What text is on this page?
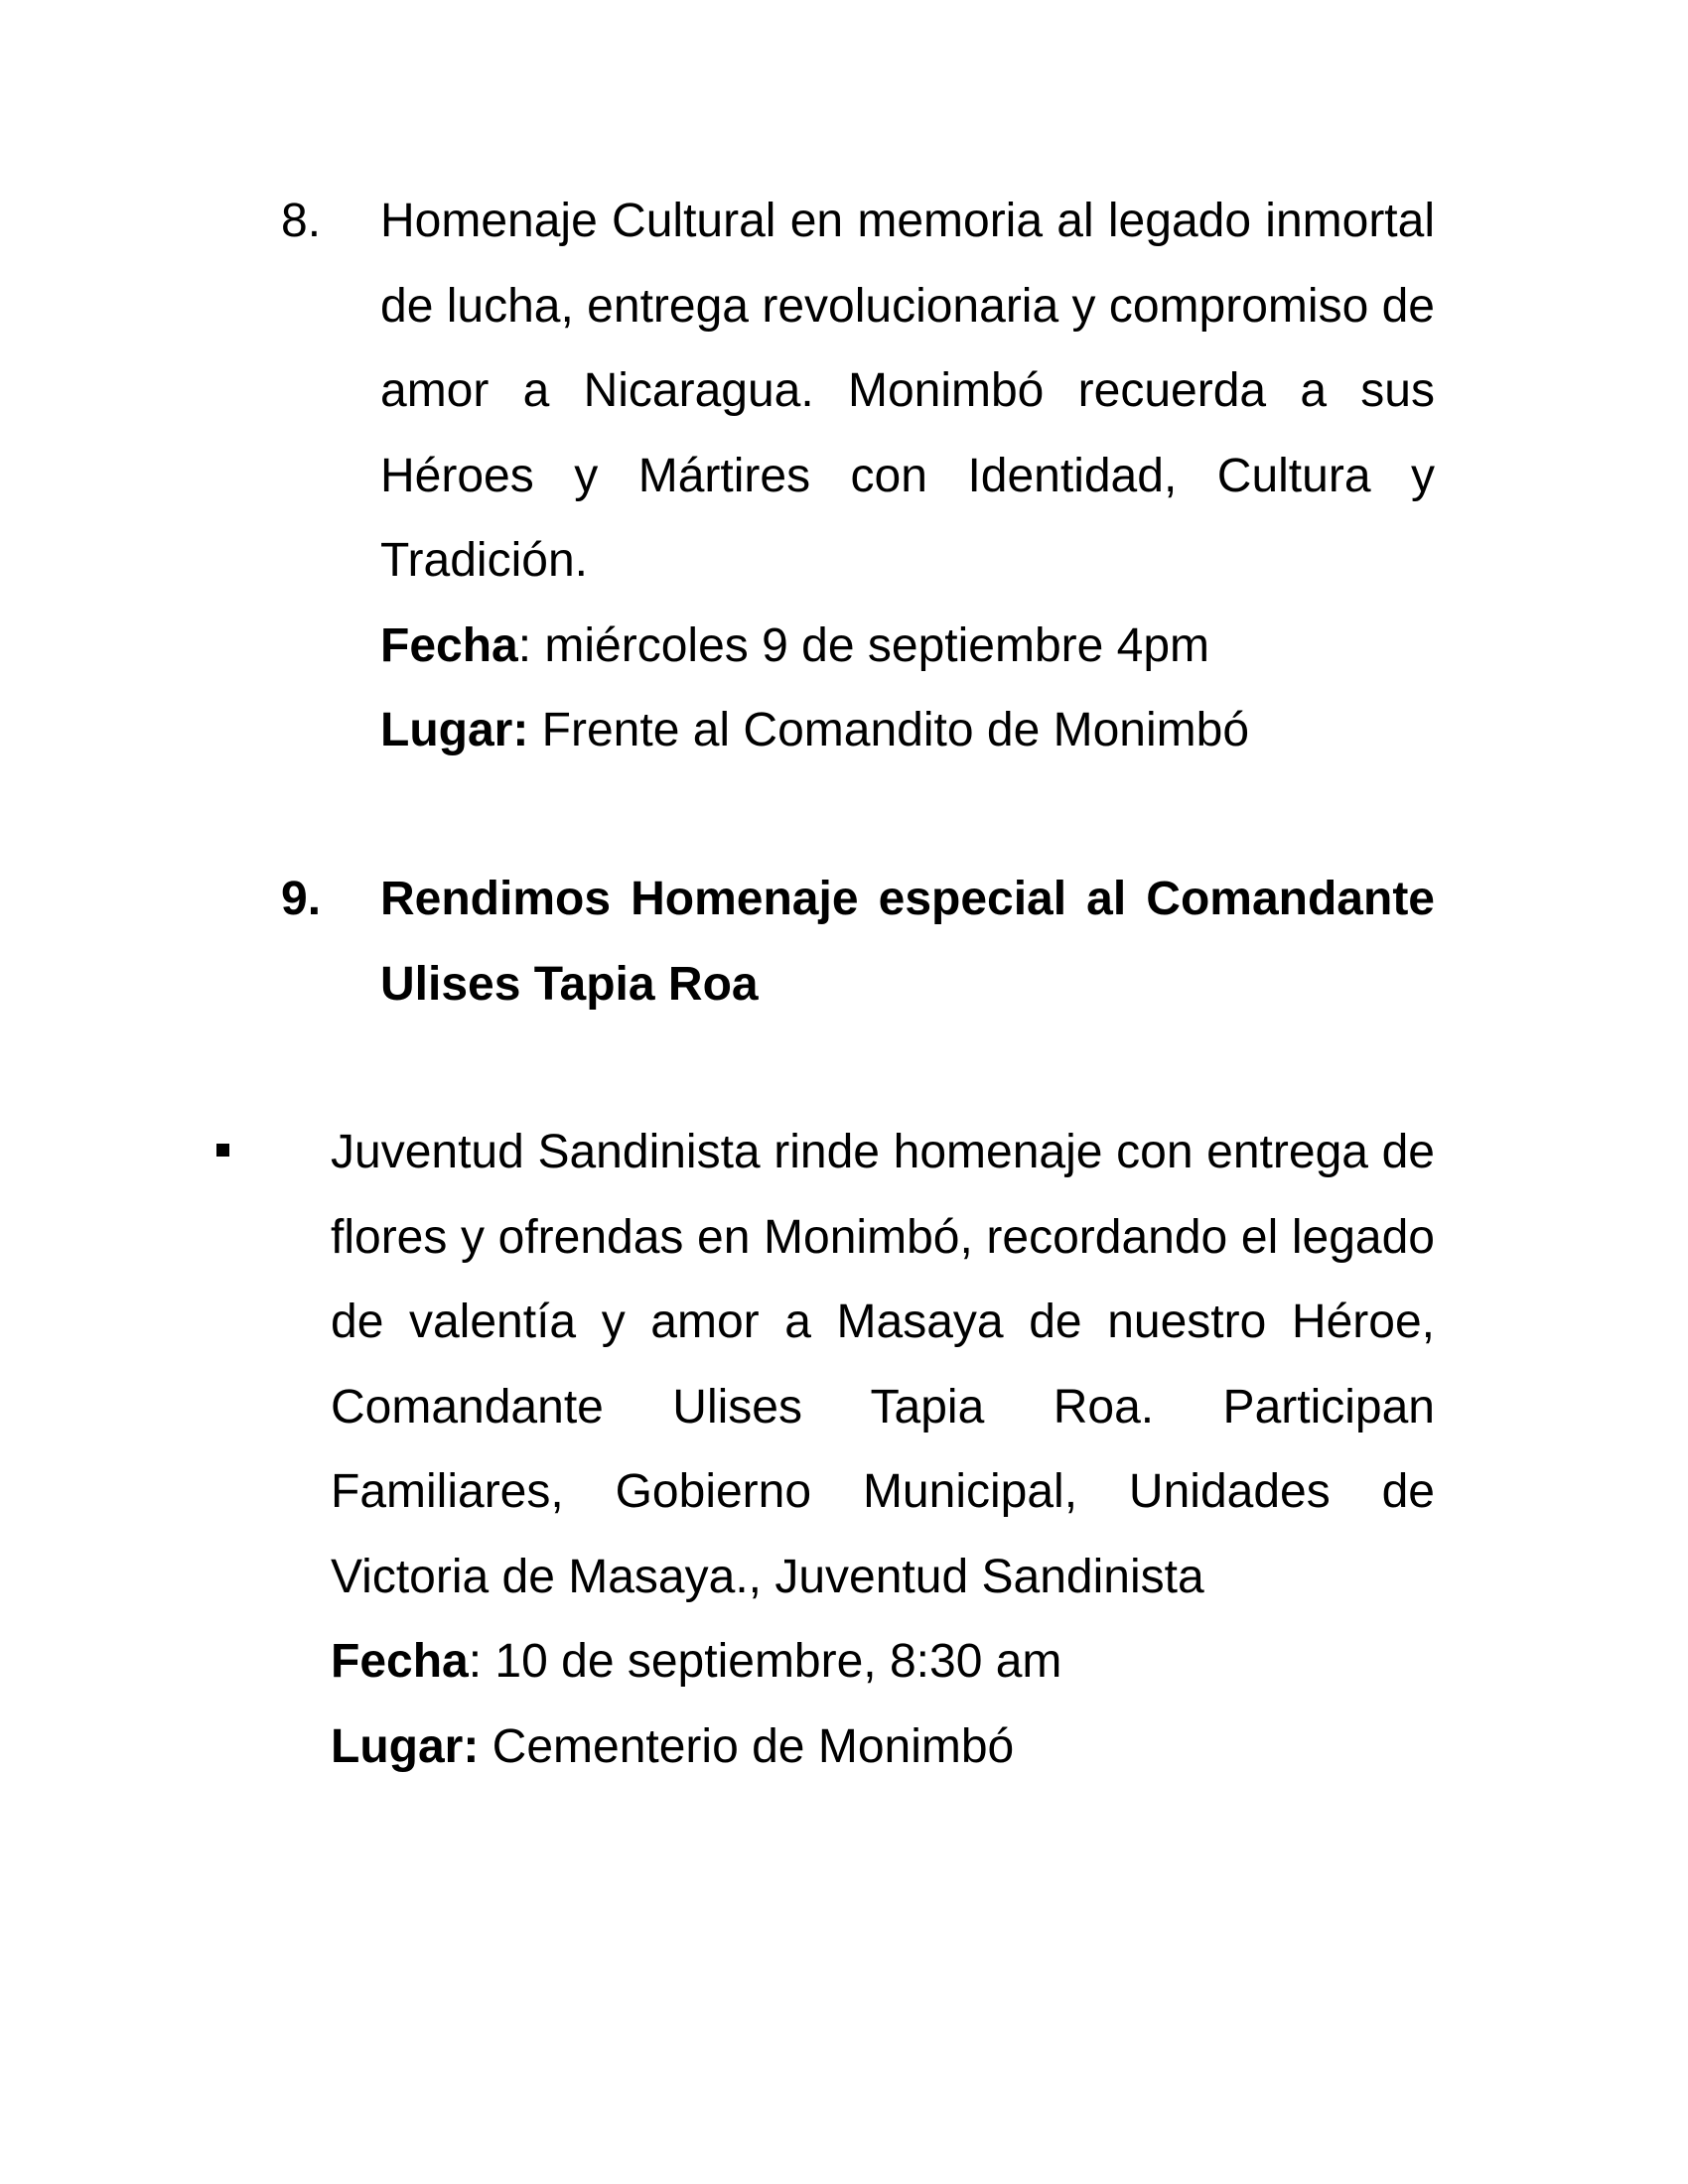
8.	Homenaje Cultural en memoria al legado inmortal de lucha, entrega revolucionaria y compromiso de amor a Nicaragua. Monimbó recuerda a sus Héroes y Mártires con Identidad, Cultura y Tradición.
Fecha: miércoles 9 de septiembre 4pm
Lugar: Frente al Comandito de Monimbó
9.	Rendimos Homenaje especial al Comandante Ulises Tapia Roa
Juventud Sandinista rinde homenaje con entrega de flores y ofrendas en Monimbó, recordando el legado de valentía y amor a Masaya de nuestro Héroe, Comandante Ulises Tapia Roa. Participan Familiares, Gobierno Municipal, Unidades de Victoria de Masaya., Juventud Sandinista
Fecha: 10 de septiembre, 8:30 am
Lugar: Cementerio de Monimbó
